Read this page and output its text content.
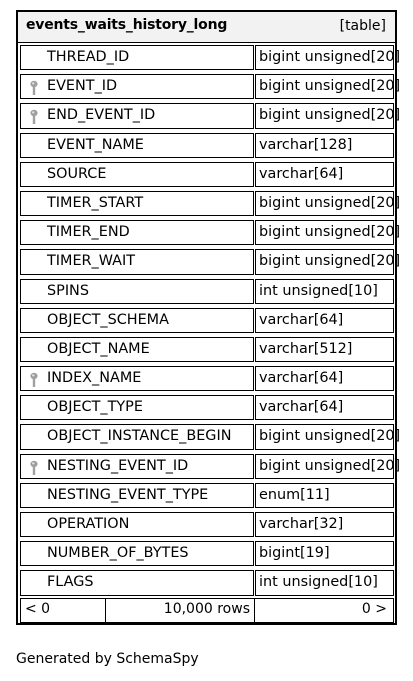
events_waits_history_long	[table]
THREAD_ID	bigint unsigned[20]
EVENT_ID	bigint unsigned[20]
END_EVENT_ID	bigint unsigned[20]
EVENT_NAME	varchar[128]
SOURCE	varchar[64]
TIMER_START	bigint unsigned[20]
TIMER_END	bigint unsigned[20]
TIMER_WAIT	bigint unsigned[20]
SPINS	int unsigned[10]
OBJECT_SCHEMA	varchar[64]
OBJECT_NAME	varchar[512]
INDEX_NAME	varchar[64]
OBJECT_TYPE	varchar[64]
OBJECT_INSTANCE_BEGIN bigint unsigned[20]
NESTING_EVENT_ID	bigint unsigned[20]
NESTING_EVENT_TYPE	enum[11]
OPERATION	varchar[32]
NUMBER_OF_BYTES	bigint[19]
FLAGS	int unsigned[10]
< 0	10,000 rows	0 >
Generated by SchemaSpy
